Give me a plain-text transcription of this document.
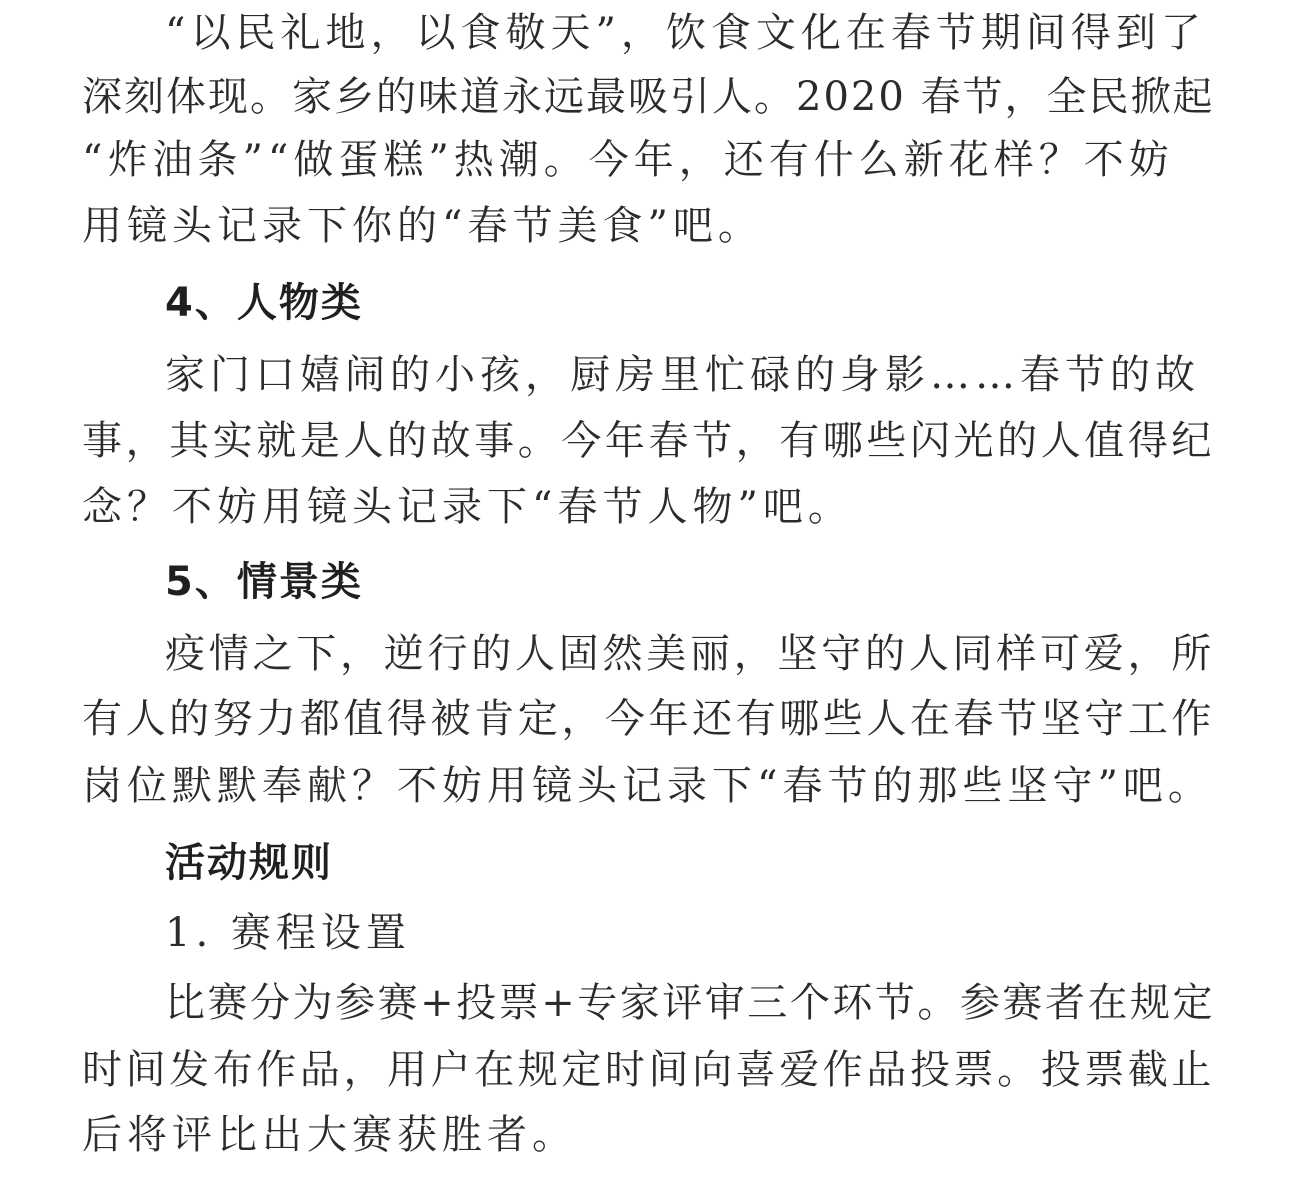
“以民礼地，以食敬天”，饮食文化在春节期间得到了
深刻体现。家乡的味道永远最吸引人。2020 春节，全民掀起
“炸油条”“做蛋糕”热潮。今年，还有什么新花样？不妨
用镜头记录下你的“春节美食”吧。
4、人物类
家门口嬉闹的小孩，厨房里忙碌的身影……春节的故
事，其实就是人的故事。今年春节，有哪些闪光的人值得纪
念？不妨用镜头记录下“春节人物”吧。
5、情景类
疫情之下，逆行的人固然美丽，坚守的人同样可爱，所
有人的努力都值得被肯定，今年还有哪些人在春节坚守工作
岗位默默奉献？不妨用镜头记录下“春节的那些坚守”吧。
活动规则
1. 赛程设置
比赛分为参赛+投票+专家评审三个环节。参赛者在规定
时间发布作品，用户在规定时间向喜爱作品投票。投票截止
后将评比出大赛获胜者。
